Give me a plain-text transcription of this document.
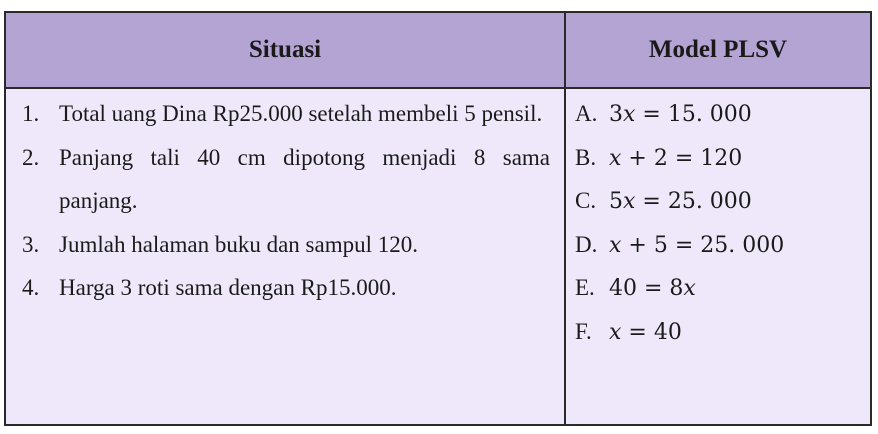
Situasi	Model PLSV
1. Total uang Dina Rp25.000 setelah membeli 5 pensil.
2. Panjang tali 40 cm dipotong menjadi 8 sama panjang.
3. Jumlah halaman buku dan sampul 120.
4. Harga 3 roti sama dengan Rp15.000.
A. 3𝑥 = 15. 000
B. 𝑥 + 2 = 120
C. 5𝑥 = 25. 000
D. 𝑥 + 5 = 25. 000
E. 40 = 8𝑥
F. 𝑥 = 40
